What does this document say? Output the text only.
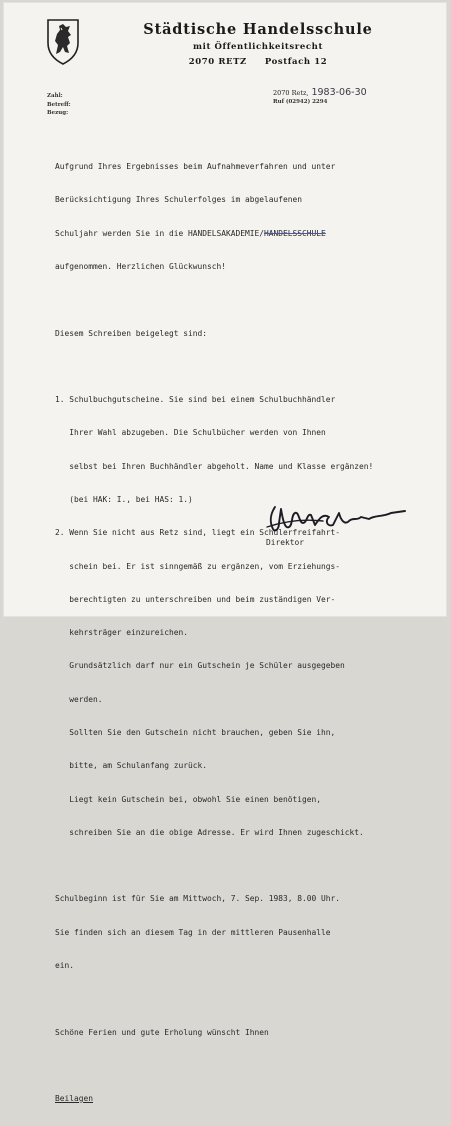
Städtische Handelsschule
mit Öffentlichkeitsrecht
2070 RETZ Postfach 12
Zahl:
Betreff:
Bezug:
2070 Retz, 1983-06-30
Ruf (02942) 2294

Aufgrund Ihres Ergebnisses beim Aufnahmeverfahren und unter

Berücksichtigung Ihres Schulerfolges im abgelaufenen

Schuljahr werden Sie in die HANDELSAKADEMIE/HANDELSSCHULE

aufgenommen. Herzlichen Glückwunsch!

Diesem Schreiben beigelegt sind:

1. Schulbuchgutscheine. Sie sind bei einem Schulbuchhändler

Ihrer Wahl abzugeben. Die Schulbücher werden von Ihnen

selbst bei Ihren Buchhändler abgeholt. Name und Klasse ergänzen!

(bei HAK: I., bei HAS: 1.)

2. Wenn Sie nicht aus Retz sind, liegt ein Schülerfreifahrt-

schein bei. Er ist sinngemäß zu ergänzen, vom Erziehungs-

berechtigten zu unterschreiben und beim zuständigen Ver-

kehrsträger einzureichen.

Grundsätzlich darf nur ein Gutschein je Schüler ausgegeben

werden.

Sollten Sie den Gutschein nicht brauchen, geben Sie ihn,

bitte, am Schulanfang zurück.

Liegt kein Gutschein bei, obwohl Sie einen benötigen,

schreiben Sie an die obige Adresse. Er wird Ihnen zugeschickt.

Schulbeginn ist für Sie am Mittwoch, 7. Sep. 1983, 8.00 Uhr.

Sie finden sich an diesem Tag in der mittleren Pausenhalle

ein.

Schöne Ferien und gute Erholung wünscht Ihnen

Beilagen

Direktor
